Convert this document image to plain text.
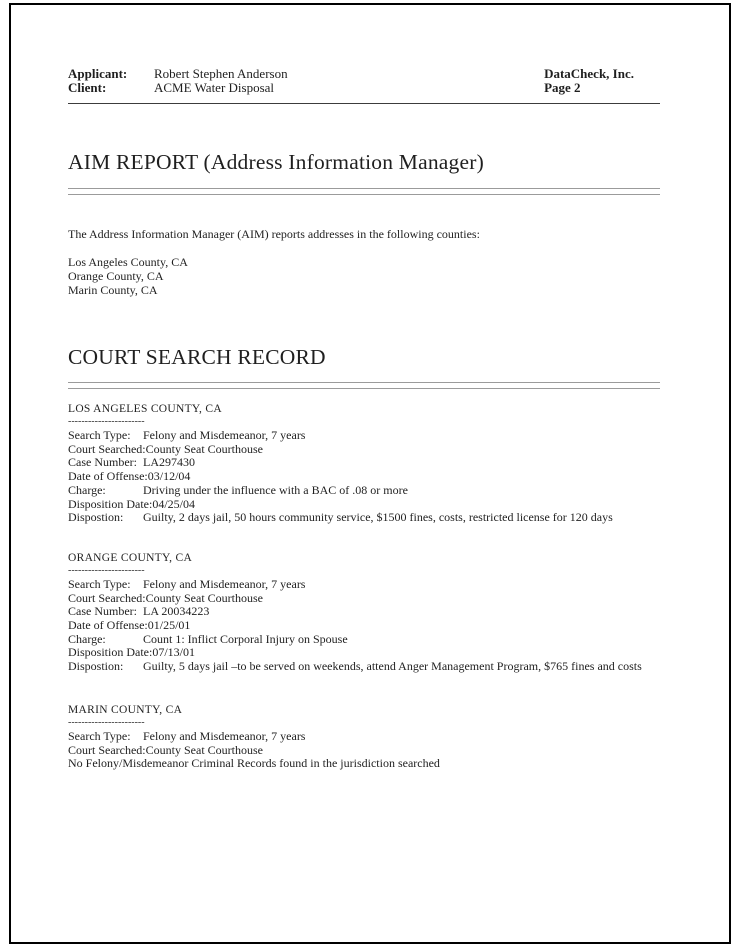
Applicant:
Client:
Robert Stephen Anderson
ACME Water Disposal
DataCheck, Inc.
Page 2
AIM REPORT (Address Information Manager)

The Address Information Manager (AIM) reports addresses in the following counties:

Los Angeles County, CA
Orange County, CA
Marin County, CA
COURT SEARCH RECORD
LOS ANGELES COUNTY, CA
-----------------------
Search Type: Felony and Misdemeanor, 7 years
Court Searched:County Seat Courthouse
Case Number: LA297430
Date of Offense:03/12/04
Charge:	Driving under the influence with a BAC of .08 or more
Disposition Date:04/25/04
Dispostion: Guilty, 2 days jail, 50 hours community service, $1500 fines, costs, restricted license for 120 days
ORANGE COUNTY, CA
-----------------------
Search Type: Felony and Misdemeanor, 7 years
Court Searched:County Seat Courthouse
Case Number: LA 20034223
Date of Offense:01/25/01
Charge:	Count 1: Inflict Corporal Injury on Spouse
Disposition Date:07/13/01
Dispostion: Guilty, 5 days jail –to be served on weekends, attend Anger Management Program, $765 fines and costs
MARIN COUNTY, CA
-----------------------
Search Type: Felony and Misdemeanor, 7 years
Court Searched:County Seat Courthouse
No Felony/Misdemeanor Criminal Records found in the jurisdiction searched
